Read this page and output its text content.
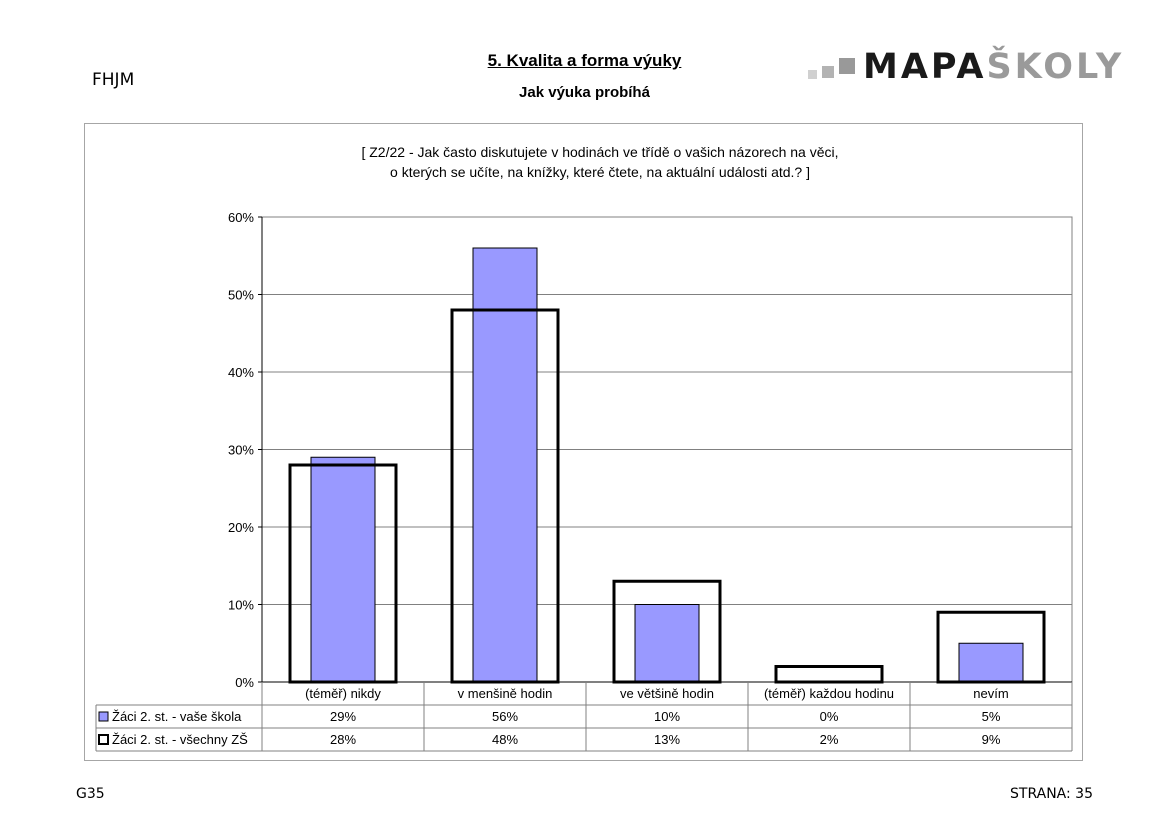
FHJM
5. Kvalita a forma výuky
Jak výuka probíhá
MAPAŠKOLY
[ Z2/22 - Jak často diskutujete v hodinách ve třídě o vašich názorech na věci,
o kterých se učíte, na knížky, které čtete, na aktuální události atd.? ]
0%
10%
20%
30%
40%
50%
60%
(téměř) nikdy
29%
28%
v menšině hodin
56%
48%
ve většině hodin
10%
13%
(téměř) každou hodinu
0%
2%
nevím
5%
9%
Žáci 2. st. - vaše škola
Žáci 2. st. - všechny ZŠ
G35	STRANA: 35
